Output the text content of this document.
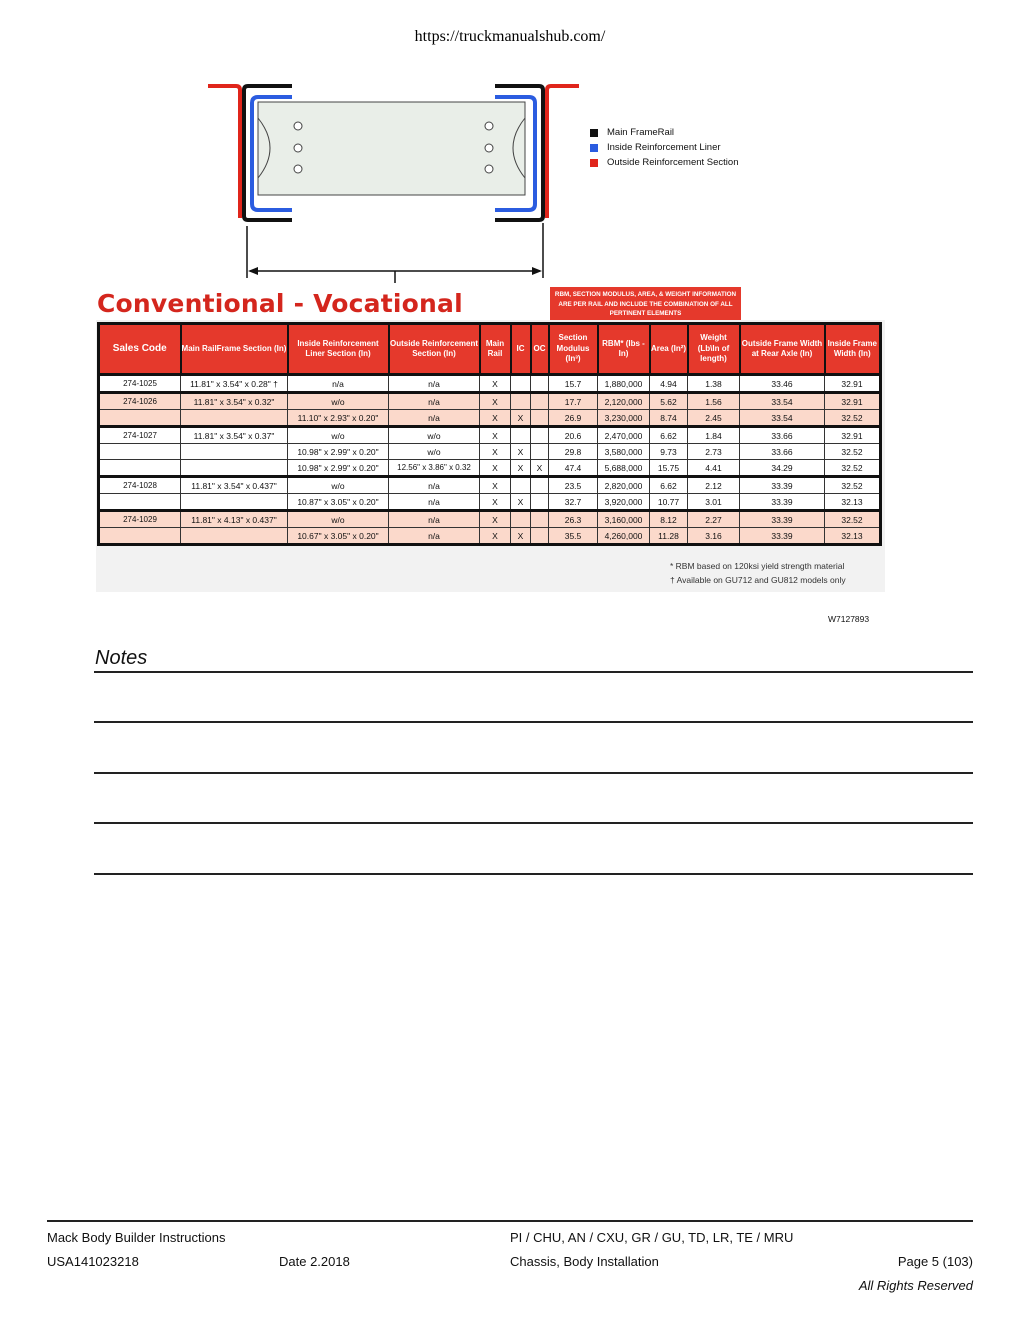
https://truckmanualshub.com/
Main FrameRail
Inside Reinforcement Liner
Outside Reinforcement Section
Conventional - Vocational	RBM, SECTION MODULUS, AREA, & WEIGHT INFORMATION ARE PER RAIL AND INCLUDE THE COMBINATION OF ALL PERTINENT ELEMENTS
Sales Code	Main RailFrame Section (In)	Inside Reinforcement Liner Section (In)	Outside Reinforcement Section (In)	Main Rail	IC	OC	Section Modulus (In³)	RBM* (lbs - In)	Area (In²)	Weight (Lb\In of length)	Outside Frame Width at Rear Axle (In)	Inside Frame Width (In)
274-1025	11.81" x 3.54" x 0.28" †	n/a	n/a	X			15.7	1,880,000	4.94	1.38	33.46	32.91
274-1026	11.81" x 3.54" x 0.32"	w/o	n/a	X			17.7	2,120,000	5.62	1.56	33.54	32.91
		11.10" x 2.93" x 0.20"	n/a	X	X		26.9	3,230,000	8.74	2.45	33.54	32.52
274-1027	11.81" x 3.54" x 0.37"	w/o	w/o	X			20.6	2,470,000	6.62	1.84	33.66	32.91
		10.98" x 2.99" x 0.20"	w/o	X	X		29.8	3,580,000	9.73	2.73	33.66	32.52
		10.98" x 2.99" x 0.20"	12.56" x 3.86" x 0.32	X	X	X	47.4	5,688,000	15.75	4.41	34.29	32.52
274-1028	11.81" x 3.54" x 0.437"	w/o	n/a	X			23.5	2,820,000	6.62	2.12	33.39	32.52
		10.87" x 3.05" x 0.20"	n/a	X	X		32.7	3,920,000	10.77	3.01	33.39	32.13
274-1029	11.81" x 4.13" x 0.437"	w/o	n/a	X			26.3	3,160,000	8.12	2.27	33.39	32.52
		10.67" x 3.05" x 0.20"	n/a	X	X		35.5	4,260,000	11.28	3.16	33.39	32.13
* RBM based on 120ksi yield strength material
† Available on GU712 and GU812 models only
W7127893
Notes
Mack Body Builder Instructions
USA141023218	Date 2.2018
PI / CHU, AN / CXU, GR / GU, TD, LR, TE / MRU
Chassis, Body Installation	Page 5 (103)
All Rights Reserved
